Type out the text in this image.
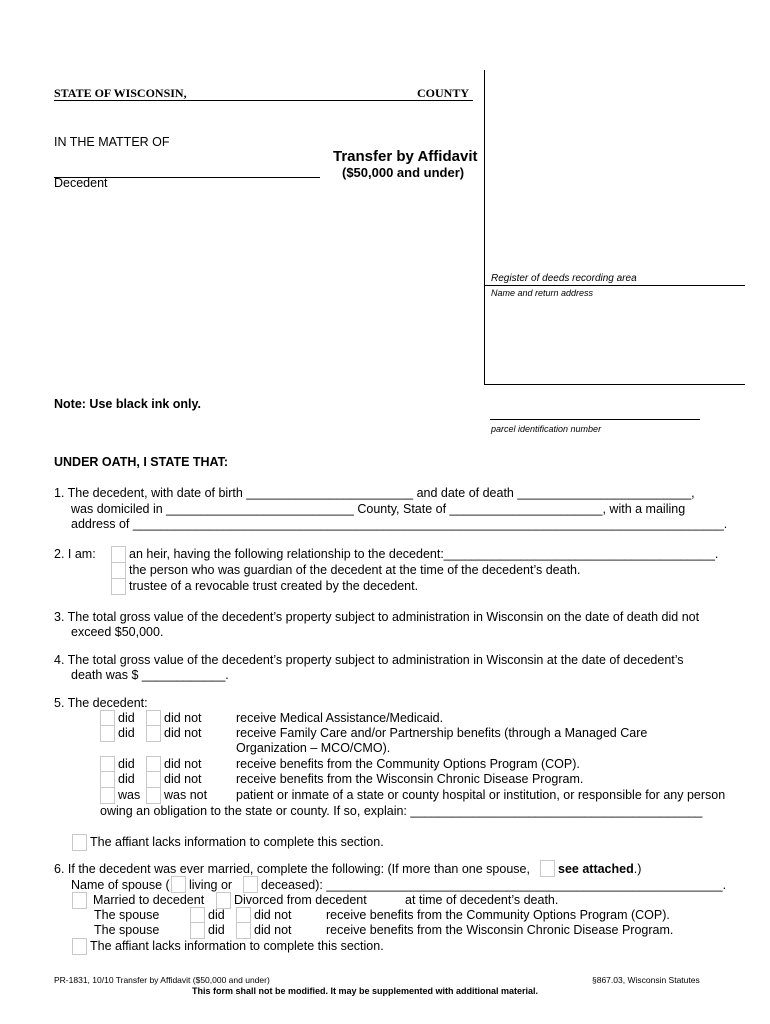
STATE OF WISCONSIN,	COUNTY
IN THE MATTER OF
Decedent
Transfer by Affidavit
($50,000 and under)
Register of deeds recording area
Name and return address
parcel identification number
Note: Use black ink only.
UNDER OATH, I STATE THAT:
1. The decedent, with date of birth ________________________ and date of death _________________________,
was domiciled in ___________________________ County, State of ______________________, with a mailing
address of _____________________________________________________________________________________.
2. I am:	an heir, having the following relationship to the decedent:_______________________________________.
the person who was guardian of the decedent at the time of the decedent’s death.
trustee of a revocable trust created by the decedent.
3. The total gross value of the decedent’s property subject to administration in Wisconsin on the date of death did not
exceed $50,000.
4. The total gross value of the decedent’s property subject to administration in Wisconsin at the date of decedent’s
death was $ ____________.
5. The decedent:
did did not	receive Medical Assistance/Medicaid.
did did not	receive Family Care and/or Partnership benefits (through a Managed Care
Organization – MCO/CMO).
did did not	receive benefits from the Community Options Program (COP).
did did not	receive benefits from the Wisconsin Chronic Disease Program.
was was not patient or inmate of a state or county hospital or institution, or responsible for any person
owing an obligation to the state or county. If so, explain: __________________________________________
The affiant lacks information to complete this section.
6. If the decedent was ever married, complete the following: (If more than one spouse, see attached.)
Name of spouse ( living or deceased): _________________________________________________________.
Married to decedent Divorced from decedent	at time of decedent’s death.
The spouse	did did not	receive benefits from the Community Options Program (COP).
The spouse	did did not	receive benefits from the Wisconsin Chronic Disease Program.
The affiant lacks information to complete this section.
PR-1831, 10/10 Transfer by Affidavit ($50,000 and under)	§867.03, Wisconsin Statutes
This form shall not be modified. It may be supplemented with additional material.
